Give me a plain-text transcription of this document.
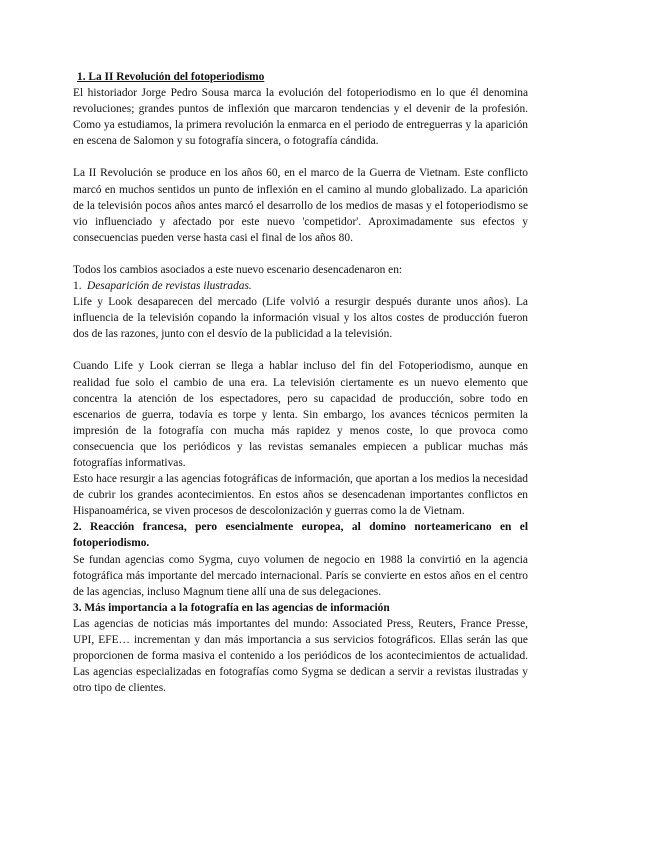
1. La II Revolución del fotoperiodismo

El historiador Jorge Pedro Sousa marca la evolución del fotoperiodismo en lo que él denomina revoluciones; grandes puntos de inflexión que marcaron tendencias y el devenir de la profesión. Como ya estudiamos, la primera revolución la enmarca en el periodo de entreguerras y la aparición en escena de Salomon y su fotografía sincera, o fotografía cándida.

La II Revolución se produce en los años 60, en el marco de la Guerra de Vietnam. Este conflicto marcó en muchos sentidos un punto de inflexión en el camino al mundo globalizado. La aparición de la televisión pocos años antes marcó el desarrollo de los medios de masas y el fotoperiodismo se vio influenciado y afectado por este nuevo 'competidor'. Aproximadamente sus efectos y consecuencias pueden verse hasta casi el final de los años 80.

Todos los cambios asociados a este nuevo escenario desencadenaron en:

1. Desaparición de revistas ilustradas.

Life y Look desaparecen del mercado (Life volvió a resurgir después durante unos años). La influencia de la televisión copando la información visual y los altos costes de producción fueron dos de las razones, junto con el desvío de la publicidad a la televisión.

Cuando Life y Look cierran se llega a hablar incluso del fin del Fotoperiodismo, aunque en realidad fue solo el cambio de una era. La televisión ciertamente es un nuevo elemento que concentra la atención de los espectadores, pero su capacidad de producción, sobre todo en escenarios de guerra, todavía es torpe y lenta. Sin embargo, los avances técnicos permiten la impresión de la fotografía con mucha más rapidez y menos coste, lo que provoca como consecuencia que los periódicos y las revistas semanales empiecen a publicar muchas más fotografías informativas.

Esto hace resurgir a las agencias fotográficas de información, que aportan a los medios la necesidad de cubrir los grandes acontecimientos. En estos años se desencadenan importantes conflictos en Hispanoamérica, se viven procesos de descolonización y guerras como la de Vietnam.

2. Reacción francesa, pero esencialmente europea, al domino norteamericano en el fotoperiodismo.

Se fundan agencias como Sygma, cuyo volumen de negocio en 1988 la convirtió en la agencia fotográfica más importante del mercado internacional. París se convierte en estos años en el centro de las agencias, incluso Magnum tiene allí una de sus delegaciones.

3. Más importancia a la fotografía en las agencias de información

Las agencias de noticias más importantes del mundo: Associated Press, Reuters, France Presse, UPI, EFE… incrementan y dan más importancia a sus servicios fotográficos. Ellas serán las que proporcionen de forma masiva el contenido a los periódicos de los acontecimientos de actualidad. Las agencias especializadas en fotografías como Sygma se dedican a servir a revistas ilustradas y otro tipo de clientes.
